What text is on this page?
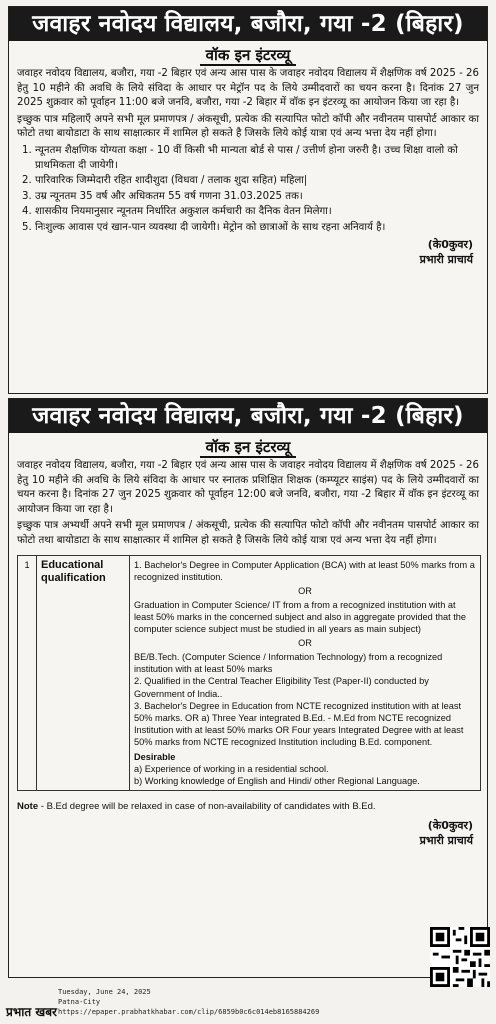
जवाहर नवोदय विद्यालय, बजौरा, गया -2 (बिहार)
वॉक इन इंटरव्यू

जवाहर नवोदय विद्यालय, बजौरा, गया -2 बिहार एवं अन्य आस पास के जवाहर नवोदय विद्यालय में शैक्षणिक वर्ष 2025 - 26 हेतु 10 महीने की अवधि के लिये संविदा के आधार पर मेट्रॉन पद के लिये उम्मीदवारों का चयन करना है। दिनांक 27 जुन 2025 शुक्रवार को पूर्वाहन 11:00 बजे जनवि, बजौरा, गया -2 बिहार में वॉक इन इंटरव्यू का आयोजन किया जा रहा है।

इच्छुक पात्र महिलाएँ अपने सभी मूल प्रमाणपत्र / अंकसूची, प्रत्येक की सत्यापित फोटो कॉपी और नवीनतम पासपोर्ट आकार का फोटो तथा बायोडाटा के साथ साक्षात्कार में शामिल हो सकते है जिसके लिये कोई यात्रा एवं अन्य भत्ता देय नहीं होगा।

1. न्यूनतम शैक्षणिक योग्यता कक्षा - 10 वीं किसी भी मान्यता बोर्ड से पास / उत्तीर्ण होना जरुरी है। उच्च शिक्षा वालो को प्राथमिकता दी जायेगी।
2. पारिवारिक जिम्मेदारी रहित शादीशुदा (विधवा / तलाक शुदा सहित) महिला|
3. उम्र न्यूनतम 35 वर्ष और अधिकतम 55 वर्ष गणना 31.03.2025 तक।
4. शासकीय नियमानुसार न्यूनतम निर्धारित अकुशल कर्मचारी का दैनिक वेतन मिलेगा।
5. निःशुल्क आवास एवं खान-पान व्यवस्था दी जायेगी। मेट्रोन को छात्राओं के साथ रहना अनिवार्य है।
(के0कुवर)
प्रभारी प्राचार्य
जवाहर नवोदय विद्यालय, बजौरा, गया -2 (बिहार)
वॉक इन इंटरव्यू

जवाहर नवोदय विद्यालय, बजौरा, गया -2 बिहार एवं अन्य आस पास के जवाहर नवोदय विद्यालय में शैक्षणिक वर्ष 2025 - 26 हेतु 10 महीने की अवधि के लिये संविदा के आधार पर स्नातक प्रशिक्षित शिक्षक (कम्प्यूटर साइंस) पद के लिये उम्मीदवारों का चयन करना है। दिनांक 27 जुन 2025 शुक्रवार को पूर्वाहन 12:00 बजे जनवि, बजौरा, गया -2 बिहार में वॉक इन इंटरव्यू का आयोजन किया जा रहा है।

इच्छुक पात्र अभ्यर्थी अपने सभी मूल प्रमाणपत्र / अंकसूची, प्रत्येक की सत्यापित फोटो कॉपी और नवीनतम पासपोर्ट आकार का फोटो तथा बायोडाटा के साथ साक्षात्कार में शामिल हो सकते है जिसके लिये कोई यात्रा एवं अन्य भत्ता देय नहीं होगा।

1	Educational qualification	
1. Bachelor's Degree in Computer Application (BCA) with at least 50% marks from a recognized institution.
OR
Graduation in Computer Science/ IT from a from a recognized institution with at least 50% marks in the concerned subject and also in aggregate provided that the computer science subject must be studied in all years as main subject)
OR
BE/B.Tech. (Computer Science / Information Technology) from a recognized institution with at least 50% marks
2. Qualified in the Central Teacher Eligibility Test (Paper-II) conducted by Government of India..
3. Bachelor's Degree in Education from NCTE recognized institution with at least 50% marks. OR a) Three Year integrated B.Ed. - M.Ed from NCTE recognized Institution with at least 50% marks OR Four years Integrated Degree with at least 50% marks from NCTE recognized Institution including B.Ed. component.
Desirable
a) Experience of working in a residential school.
b) Working knowledge of English and Hindi/ other Regional Language.
Note - B.Ed degree will be relaxed in case of non-availability of candidates with B.Ed.
(के0कुवर)
प्रभारी प्राचार्य
प्रभात खबर
Tuesday, June 24, 2025
Patna-City
https://epaper.prabhatkhabar.com/clip/6859b0c6c014eb8165884269
